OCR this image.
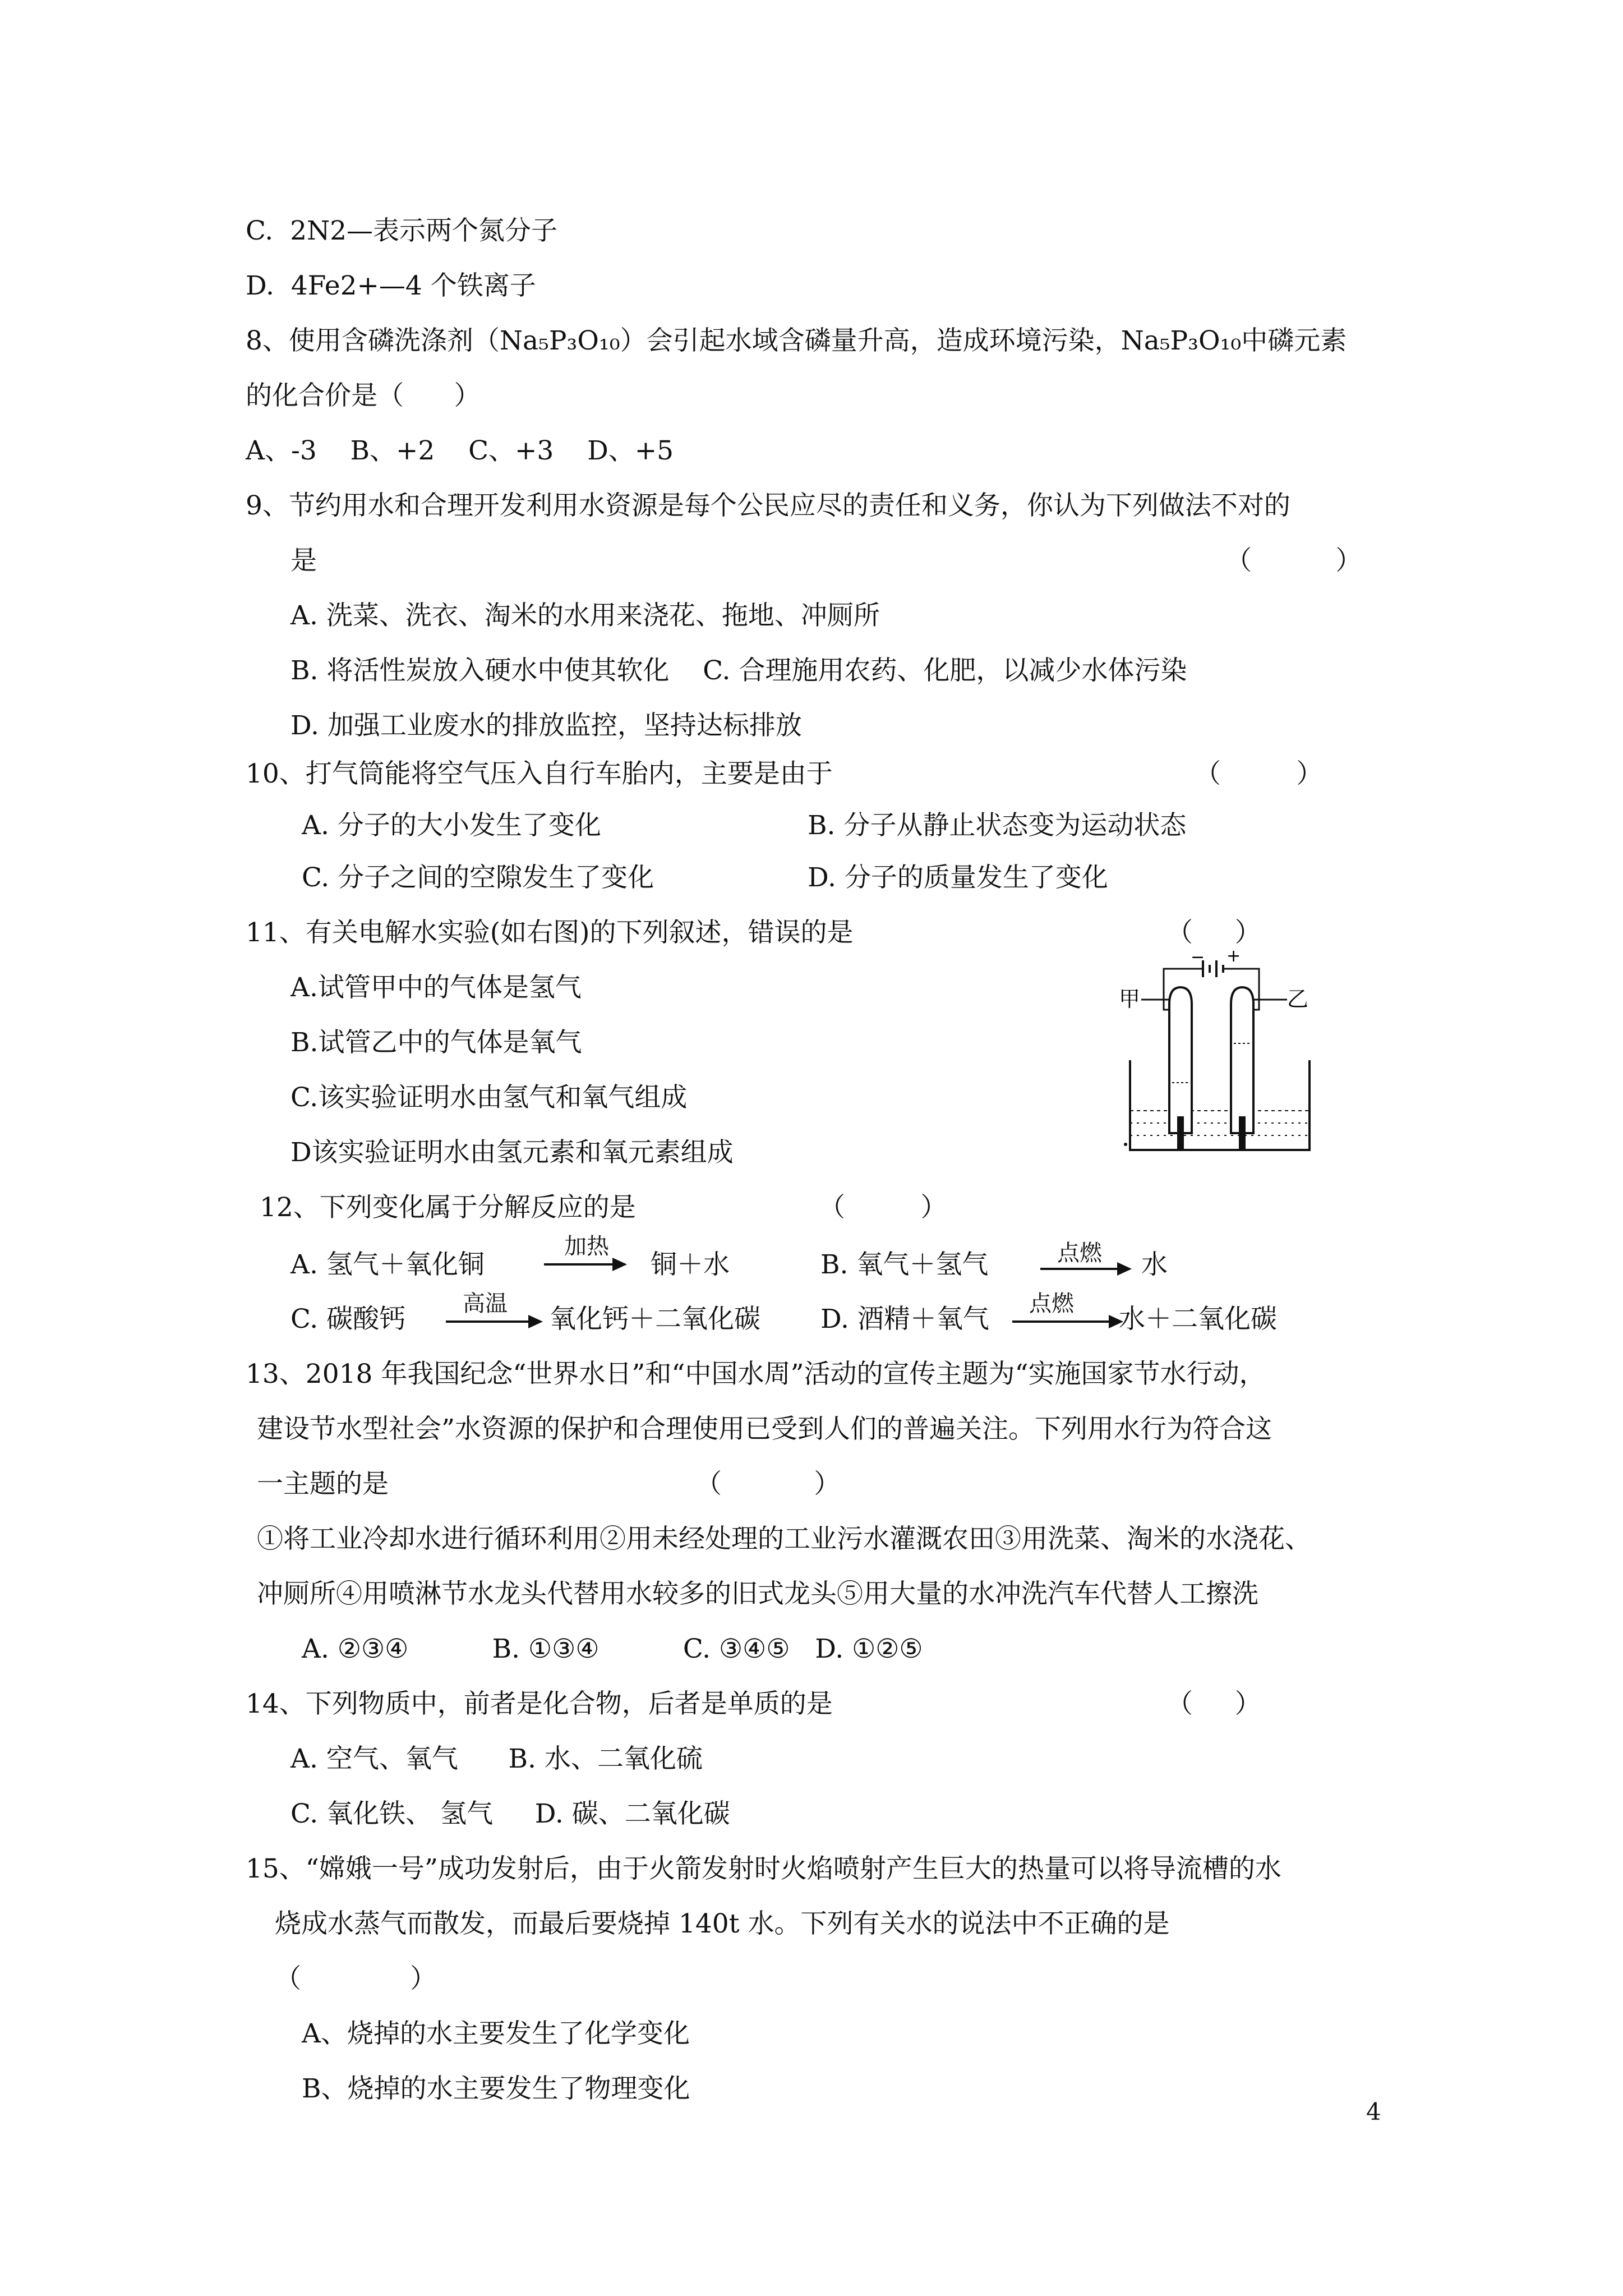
C.  2N2—表示两个氮分子
D.  4Fe2+—4 个铁离子
8、使用含磷洗涤剂（Na₅P₃O₁₀）会引起水域含磷量升高，造成环境污染，Na₅P₃O₁₀中磷元素
的化合价是（      ）
A、-3    B、+2    C、+3    D、+5
9、节约用水和合理开发利用水资源是每个公民应尽的责任和义务，你认为下列做法不对的
是	（          ）
A. 洗菜、洗衣、淘米的水用来浇花、拖地、冲厕所
B. 将活性炭放入硬水中使其软化    C. 合理施用农药、化肥，以减少水体污染
D. 加强工业废水的排放监控，坚持达标排放
10、打气筒能将空气压入自行车胎内，主要是由于	（         ）
A. 分子的大小发生了变化	B. 分子从静止状态变为运动状态
C. 分子之间的空隙发生了变化	D. 分子的质量发生了变化
11、有关电解水实验(如右图)的下列叙述，错误的是	（     ）
A.试管甲中的气体是氢气
B.试管乙中的气体是氧气
C.该实验证明水由氢气和氧气组成
D该实验证明水由氢元素和氧元素组成
− +
甲	乙
12、下列变化属于分解反应的是	（         ）
A. 氢气＋氧化铜
加热
铜＋水	B. 氧气＋氢气	点燃 水
C. 碳酸钙	高温 氧化钙＋二氧化碳 D. 酒精＋氧气 点燃 水＋二氧化碳
13、2018 年我国纪念“世界水日”和“中国水周”活动的宣传主题为“实施国家节水行动，
建设节水型社会”水资源的保护和合理使用已受到人们的普遍关注。下列用水行为符合这
一主题的是	（           ）
①将工业冷却水进行循环利用②用未经处理的工业污水灌溉农田③用洗菜、淘米的水浇花、
冲厕所④用喷淋节水龙头代替用水较多的旧式龙头⑤用大量的水冲洗汽车代替人工擦洗
A. ②③④          B. ①③④          C. ③④⑤   D. ①②⑤
14、下列物质中，前者是化合物，后者是单质的是	（     ）
A. 空气、氧气      B. 水、二氧化硫
C. 氧化铁、 氢气     D. 碳、二氧化碳
15、“嫦娥一号”成功发射后，由于火箭发射时火焰喷射产生巨大的热量可以将导流槽的水
烧成水蒸气而散发，而最后要烧掉 140t 水。下列有关水的说法中不正确的是
（             ）
A、烧掉的水主要发生了化学变化
B、烧掉的水主要发生了物理变化
4
